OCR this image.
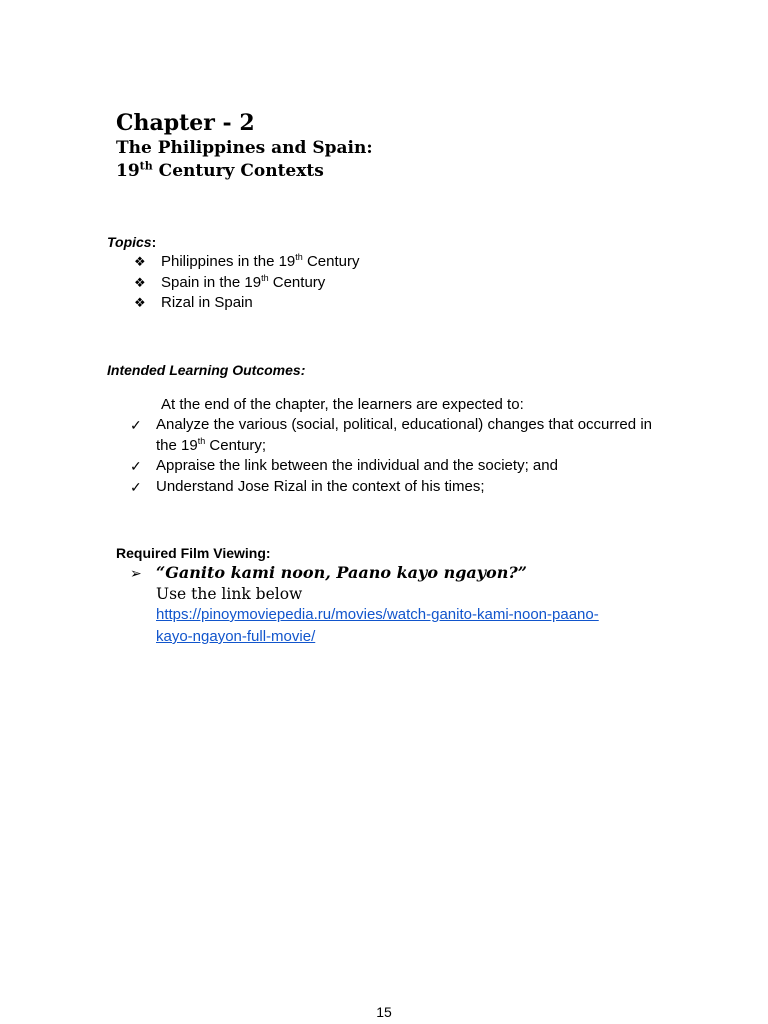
Chapter - 2
The Philippines and Spain:
19th Century Contexts
Topics:
❖	Philippines in the 19th Century
❖	Spain in the 19th Century
❖	Rizal in Spain
Intended Learning Outcomes:
At the end of the chapter, the learners are expected to:
✓ Analyze the various (social, political, educational) changes that occurred in the 19th Century;
✓ Appraise the link between the individual and the society; and
✓ Understand Jose Rizal in the context of his times;
Required Film Viewing:
➢ “Ganito kami noon, Paano kayo ngayon?”
Use the link below
https://pinoymoviepedia.ru/movies/watch-ganito-kami-noon-paano-kayo-ngayon-full-movie/
15
